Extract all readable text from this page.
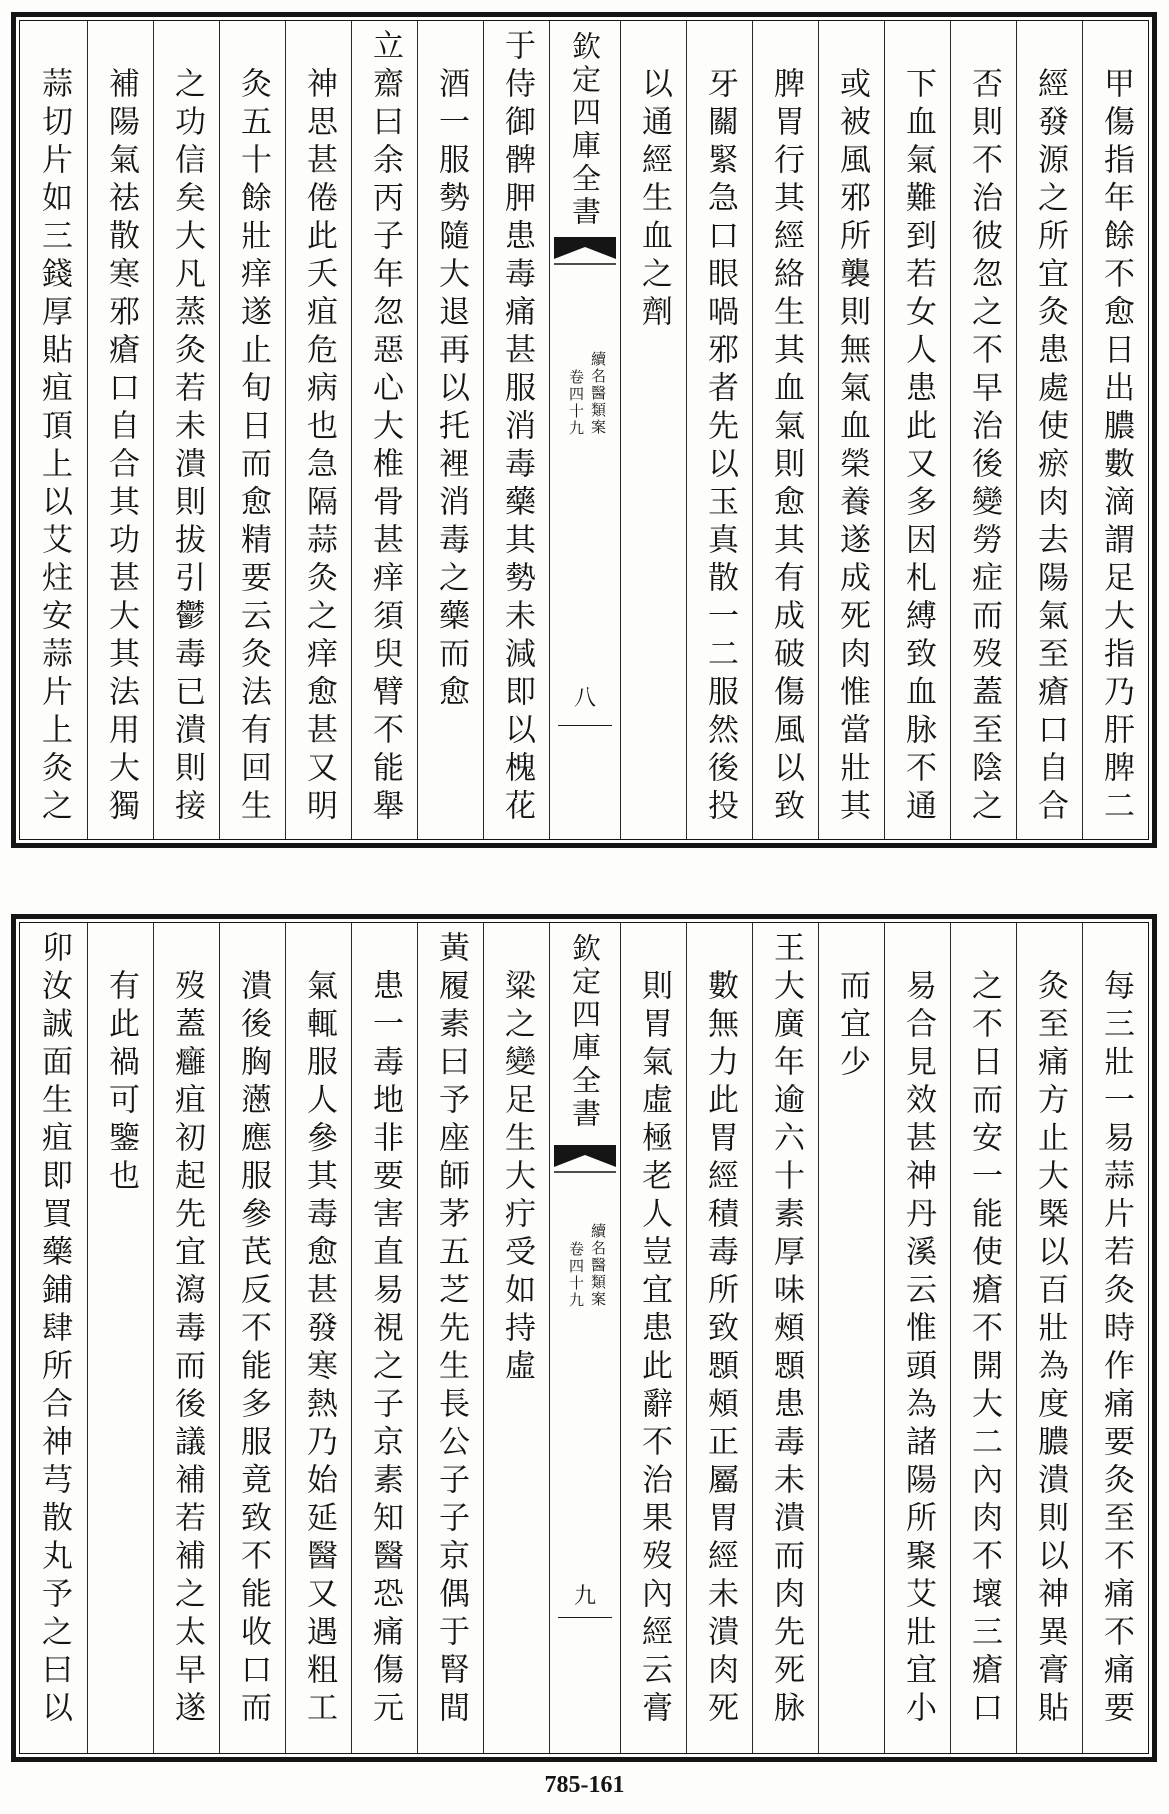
甲傷指年餘不愈日出膿數滴謂足大指乃肝脾二
經發源之所宜灸患處使瘀肉去陽氣至瘡口自合
否則不治彼忽之不早治後變勞症而歿蓋至陰之
下血氣難到若女人患此又多因札縛致血脉不通
或被風邪所襲則無氣血榮養遂成死肉惟當壯其
脾胃行其經絡生其血氣則愈其有成破傷風以致
牙關緊急口眼喎邪者先以玉真散一二服然後投
以通經生血之劑
欽定四庫全書
續名醫類案
卷四十九
八
于侍御髀胛患毒痛甚服消毒藥其勢未減即以槐花
酒一服勢隨大退再以托裡消毒之藥而愈
立齋曰余丙子年忽惡心大椎骨甚痒須臾臂不能舉
神思甚倦此夭疽危病也急隔蒜灸之痒愈甚又明
灸五十餘壯痒遂止旬日而愈精要云灸法有回生
之功信矣大凡蒸灸若未潰則拔引鬱毒已潰則接
補陽氣祛散寒邪瘡口自合其功甚大其法用大獨
蒜切片如三錢厚貼疽頂上以艾炷安蒜片上灸之
每三壯一易蒜片若灸時作痛要灸至不痛不痛要
灸至痛方止大槩以百壯為度膿潰則以神異膏貼
之不日而安一能使瘡不開大二內肉不壞三瘡口
易合見效甚神丹溪云惟頭為諸陽所聚艾壯宜小
而宜少
王大廣年逾六十素厚味頰顋患毒未潰而肉先死脉
數無力此胃經積毒所致顋頰正屬胃經未潰肉死
則胃氣虛極老人豈宜患此辭不治果歿內經云膏
欽定四庫全書
續名醫類案
卷四十九
九
粱之變足生大疔受如持虛
黃履素曰予座師茅五芝先生長公子子京偶于腎間
患一毒地非要害直易視之子京素知醫恐痛傷元
氣輒服人參其毒愈甚發寒熱乃始延醫又遇粗工
潰後胸懣應服參芪反不能多服竟致不能收口而
歿蓋癰疽初起先宜瀉毒而後議補若補之太早遂
有此禍可鑒也
卯汝誠面生疽即買藥鋪肆所合神芎散丸予之曰以
785-161
